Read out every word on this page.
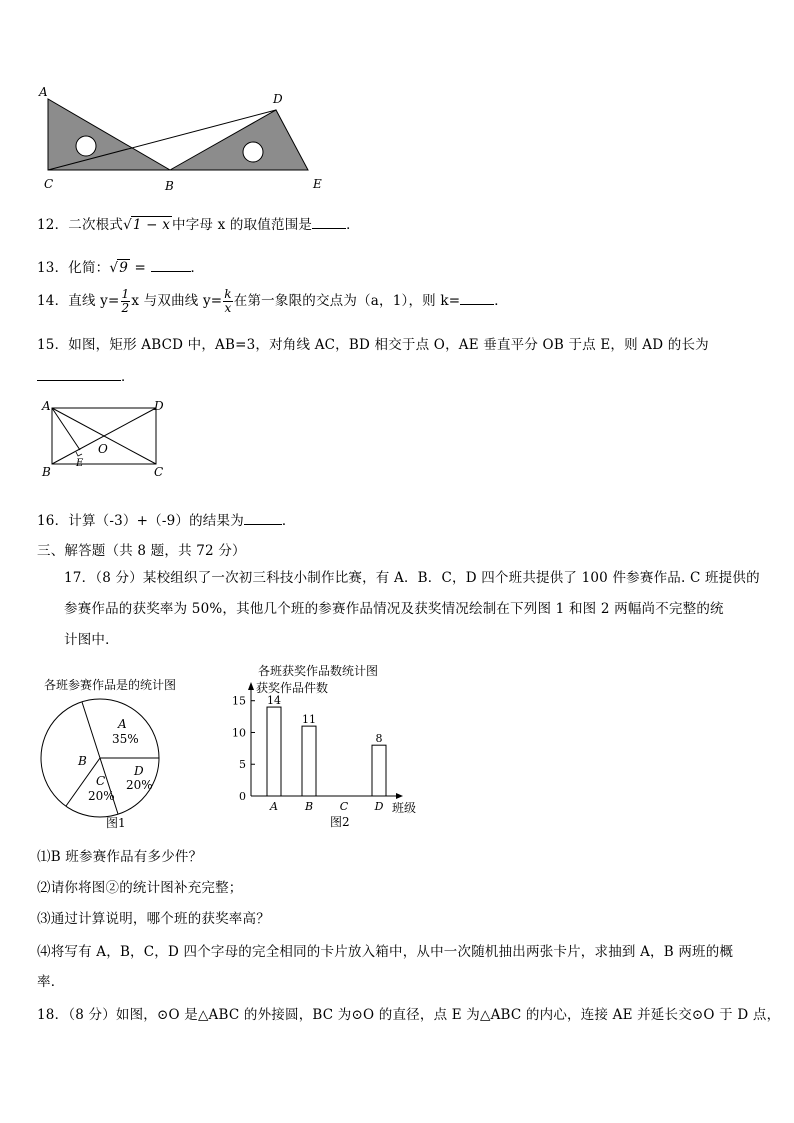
A
C	B
D
E
12．二次根式√1 − x 中字母 x 的取值范围是	．
13．化简：√9 =	．
14．直线 $y= \frac{1}{2}$ x 与双曲线 $y= \frac{k}{x}$ 在第一象限的交点为（a，1），则 k=	．
15．如图，矩形 ABCD 中，AB=3，对角线 AC，BD 相交于点 O，AE 垂直平分 OB 于点 E，则 AD 的长为
．
A	D
B	C
E
O
16．计算（-3）+（-9）的结果为	．
三、解答题（共 8 题，共 72 分）
17．（8 分）某校组织了一次初三科技小制作比赛，有 A．B．C，D 四个班共提供了 100 件参赛作品. C 班提供的
参赛作品的获奖率为 50%，其他几个班的参赛作品情况及获奖情况绘制在下列图 1 和图 2 两幅尚不完整的统
计图中．
各班参赛作品是的统计图
A
35%
B
C
20%
D
20%
图1
各班获奖作品数统计图
获奖作品件数
班级
0
5
10
15 14
A
11
B C
8
D
图2
⑴B 班参赛作品有多少件？
⑵请你将图②的统计图补充完整；
⑶通过计算说明，哪个班的获奖率高？
⑷将写有 A，B，C，D 四个字母的完全相同的卡片放入箱中，从中一次随机抽出两张卡片，求抽到 A，B 两班的概
率．
18．（8 分）如图，⊙O 是△ABC 的外接圆，BC 为⊙O 的直径，点 E 为△ABC 的内心，连接 AE 并延长交⊙O 于 D 点，
